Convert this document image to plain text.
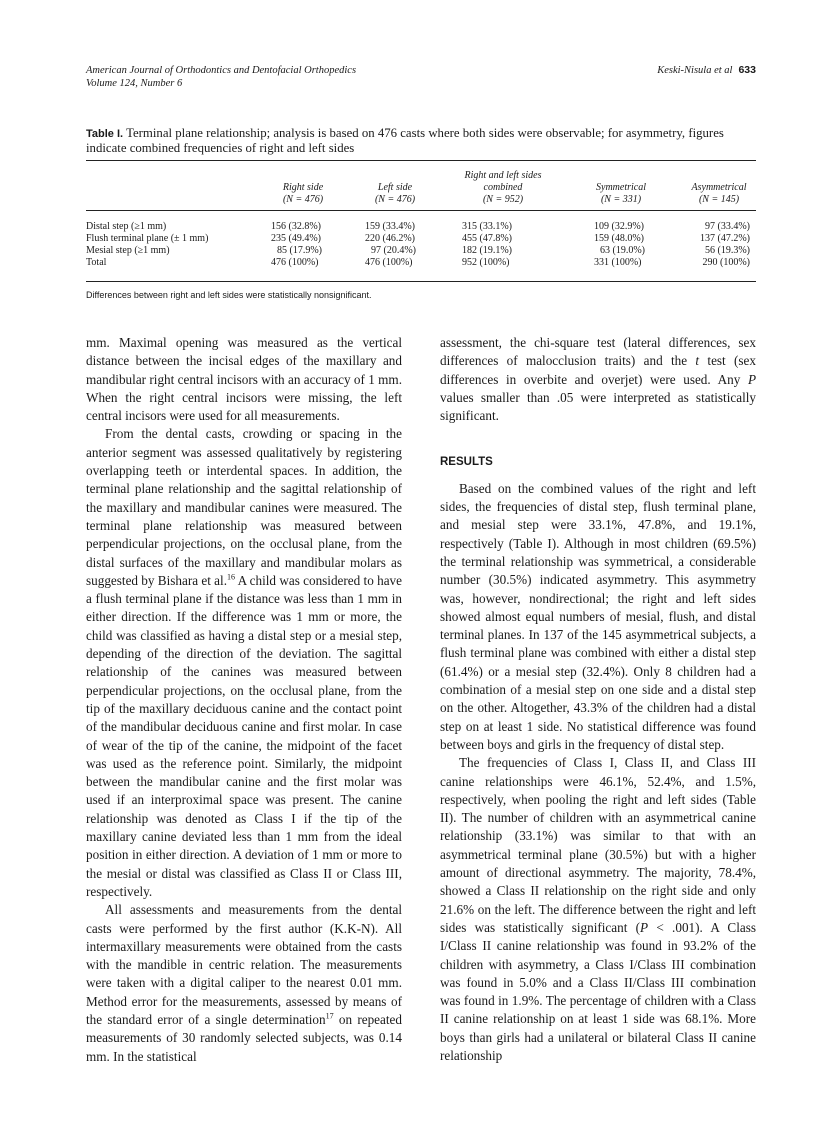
American Journal of Orthodontics and Dentofacial Orthopedics
Volume 124, Number 6
Keski-Nisula et al 633
Table I. Terminal plane relationship; analysis is based on 476 casts where both sides were observable; for asymmetry, figures indicate combined frequencies of right and left sides
Right side
(N = 476)
Left side
(N = 476)
Right and left sides combined
(N = 952)
Symmetrical
(N = 331)
Asymmetrical
(N = 145)
Distal step (≥1 mm)	156 (32.8%)	159 (33.4%)	315 (33.1%)	109 (32.9%)	97 (33.4%)
Flush terminal plane (± 1 mm)	235 (49.4%)	220 (46.2%)	455 (47.8%)	159 (48.0%)	137 (47.2%)
Mesial step (≥1 mm)	85 (17.9%)	97 (20.4%)	182 (19.1%)	63 (19.0%)	56 (19.3%)
Total	476 (100%)	476 (100%)	952 (100%)	331 (100%)	290 (100%)
Differences between right and left sides were statistically nonsignificant.

mm. Maximal opening was measured as the vertical distance between the incisal edges of the maxillary and mandibular right central incisors with an accuracy of 1 mm. When the right central incisors were missing, the left central incisors were used for all measurements.

From the dental casts, crowding or spacing in the anterior segment was assessed qualitatively by registering overlapping teeth or interdental spaces. In addition, the terminal plane relationship and the sagittal relationship of the maxillary and mandibular canines were measured. The terminal plane relationship was measured between perpendicular projections, on the occlusal plane, from the distal surfaces of the maxillary and mandibular molars as suggested by Bishara et al.$^{16}$ A child was considered to have a flush terminal plane if the distance was less than 1 mm in either direction. If the difference was 1 mm or more, the child was classified as having a distal step or a mesial step, depending of the direction of the deviation. The sagittal relationship of the canines was measured between perpendicular projections, on the occlusal plane, from the tip of the maxillary deciduous canine and the contact point of the mandibular deciduous canine and first molar. In case of wear of the tip of the canine, the midpoint of the facet was used as the reference point. Similarly, the midpoint between the mandibular canine and the first molar was used if an interproximal space was present. The canine relationship was denoted as Class I if the tip of the maxillary canine deviated less than 1 mm from the ideal position in either direction. A deviation of 1 mm or more to the mesial or distal was classified as Class II or Class III, respectively.

All assessments and measurements from the dental casts were performed by the first author (K.K-N). All intermaxillary measurements were obtained from the casts with the mandible in centric relation. The measurements were taken with a digital caliper to the nearest 0.01 mm. Method error for the measurements, assessed by means of the standard error of a single determination$^{17}$ on repeated measurements of 30 randomly selected subjects, was 0.14 mm. In the statistical

assessment, the chi-square test (lateral differences, sex differences of malocclusion traits) and the t test (sex differences in overbite and overjet) were used. Any P values smaller than .05 were interpreted as statistically significant.

RESULTS

Based on the combined values of the right and left sides, the frequencies of distal step, flush terminal plane, and mesial step were 33.1%, 47.8%, and 19.1%, respectively (Table I). Although in most children (69.5%) the terminal relationship was symmetrical, a considerable number (30.5%) indicated asymmetry. This asymmetry was, however, nondirectional; the right and left sides showed almost equal numbers of mesial, flush, and distal terminal planes. In 137 of the 145 asymmetrical subjects, a flush terminal plane was combined with either a distal step (61.4%) or a mesial step (32.4%). Only 8 children had a combination of a mesial step on one side and a distal step on the other. Altogether, 43.3% of the children had a distal step on at least 1 side. No statistical difference was found between boys and girls in the frequency of distal step.

The frequencies of Class I, Class II, and Class III canine relationships were 46.1%, 52.4%, and 1.5%, respectively, when pooling the right and left sides (Table II). The number of children with an asymmetrical canine relationship (33.1%) was similar to that with an asymmetrical terminal plane (30.5%) but with a higher amount of directional asymmetry. The majority, 78.4%, showed a Class II relationship on the right side and only 21.6% on the left. The difference between the right and left sides was statistically significant (P < .001). A Class I/Class II canine relationship was found in 93.2% of the children with asymmetry, a Class I/Class III combination was found in 5.0% and a Class II/Class III combination was found in 1.9%. The percentage of children with a Class II canine relationship on at least 1 side was 68.1%. More boys than girls had a unilateral or bilateral Class II canine relationship
